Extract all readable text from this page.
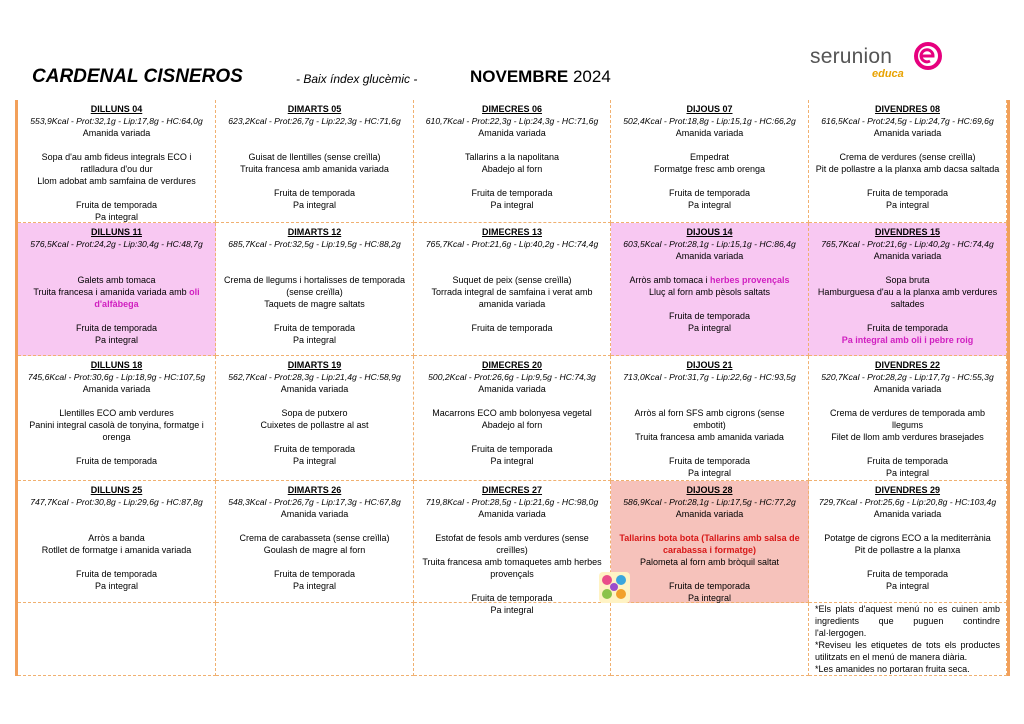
CARDENAL CISNEROS	- Baix índex glucèmic -	NOVEMBRE 2024
serunion
educa
DILLUNS 04
553,9Kcal - Prot:32,1g - Lip:17,8g - HC:64,0g
Amanida variada
Sopa d'au amb fideus integrals ECO i ratlladura d'ou dur
Llom adobat amb samfaina de verdures
Fruita de temporada
Pa integral
DIMARTS 05
623,2Kcal - Prot:26,7g - Lip:22,3g - HC:71,6g
Guisat de llentilles (sense creïlla)
Truita francesa amb amanida variada
Fruita de temporada
Pa integral
DIMECRES 06
610,7Kcal - Prot:22,3g - Lip:24,3g - HC:71,6g
Amanida variada
Tallarins a la napolitana
Abadejo al forn
Fruita de temporada
Pa integral
DIJOUS 07
502,4Kcal - Prot:18,8g - Lip:15,1g - HC:66,2g
Amanida variada
Empedrat
Formatge fresc amb orenga
Fruita de temporada
Pa integral
DIVENDRES 08
616,5Kcal - Prot:24,5g - Lip:24,7g - HC:69,6g
Amanida variada
Crema de verdures (sense creïlla)
Pit de pollastre a la planxa amb dacsa saltada
Fruita de temporada
Pa integral
DILLUNS 11
576,5Kcal - Prot:24,2g - Lip:30,4g - HC:48,7g
Galets amb tomaca
Truita francesa i amanida variada amb oli d'alfàbega
Fruita de temporada
Pa integral
DIMARTS 12
685,7Kcal - Prot:32,5g - Lip:19,5g - HC:88,2g
Crema de llegums i hortalisses de temporada (sense creïlla)
Taquets de magre saltats
Fruita de temporada
Pa integral
DIMECRES 13
765,7Kcal - Prot:21,6g - Lip:40,2g - HC:74,4g
Suquet de peix (sense creïlla)
Torrada integral de samfaina i verat amb amanida variada
Fruita de temporada
DIJOUS 14
603,5Kcal - Prot:28,1g - Lip:15,1g - HC:86,4g
Amanida variada
Arròs amb tomaca i herbes provençals
Lluç al forn amb pèsols saltats
Fruita de temporada
Pa integral
DIVENDRES 15
765,7Kcal - Prot:21,6g - Lip:40,2g - HC:74,4g
Amanida variada
Sopa bruta
Hamburguesa d'au a la planxa amb verdures saltades
Fruita de temporada
Pa integral amb oli i pebre roig
DILLUNS 18
745,6Kcal - Prot:30,6g - Lip:18,9g - HC:107,5g
Amanida variada
Llentilles ECO amb verdures
Panini integral casolà de tonyina, formatge i orenga
Fruita de temporada
DIMARTS 19
562,7Kcal - Prot:28,3g - Lip:21,4g - HC:58,9g
Amanida variada
Sopa de putxero
Cuixetes de pollastre al ast
Fruita de temporada
Pa integral
DIMECRES 20
500,2Kcal - Prot:26,6g - Lip:9,5g - HC:74,3g
Amanida variada
Macarrons ECO amb bolonyesa vegetal
Abadejo al forn
Fruita de temporada
Pa integral
DIJOUS 21
713,0Kcal - Prot:31,7g - Lip:22,6g - HC:93,5g
Arròs al forn SFS amb cigrons (sense embotit)
Truita francesa amb amanida variada
Fruita de temporada
Pa integral
DIVENDRES 22
520,7Kcal - Prot:28,2g - Lip:17,7g - HC:55,3g
Amanida variada
Crema de verdures de temporada amb llegums
Filet de llom amb verdures brasejades
Fruita de temporada
Pa integral
DILLUNS 25
747,7Kcal - Prot:30,8g - Lip:29,6g - HC:87,8g
Arròs a banda
Rotllet de formatge i amanida variada
Fruita de temporada
Pa integral
DIMARTS 26
548,3Kcal - Prot:26,7g - Lip:17,3g - HC:67,8g
Amanida variada
Crema de carabasseta (sense creïlla)
Goulash de magre al forn
Fruita de temporada
Pa integral
DIMECRES 27
719,8Kcal - Prot:28,5g - Lip:21,6g - HC:98,0g
Amanida variada
Estofat de fesols amb verdures (sense creïlles)
Truita francesa amb tomaquetes amb herbes provençals
Fruita de temporada
Pa integral
DIJOUS 28
586,9Kcal - Prot:28,1g - Lip:17,5g - HC:77,2g
Amanida variada
Tallarins bota bota (Tallarins amb salsa de carabassa i formatge)
Palometa al forn amb bròquil saltat
Fruita de temporada
Pa integral
DIVENDRES 29
729,7Kcal - Prot:25,6g - Lip:20,8g - HC:103,4g
Amanida variada
Potatge de cigrons ECO a la mediterrània
Pit de pollastre a la planxa
Fruita de temporada
Pa integral
*Els plats d'aquest menú no es cuinen amb ingredients que puguen contindre l'al·lergogen.
*Reviseu les etiquetes de tots els productes utilitzats en el menú de manera diària.
*Les amanides no portaran fruita seca.
